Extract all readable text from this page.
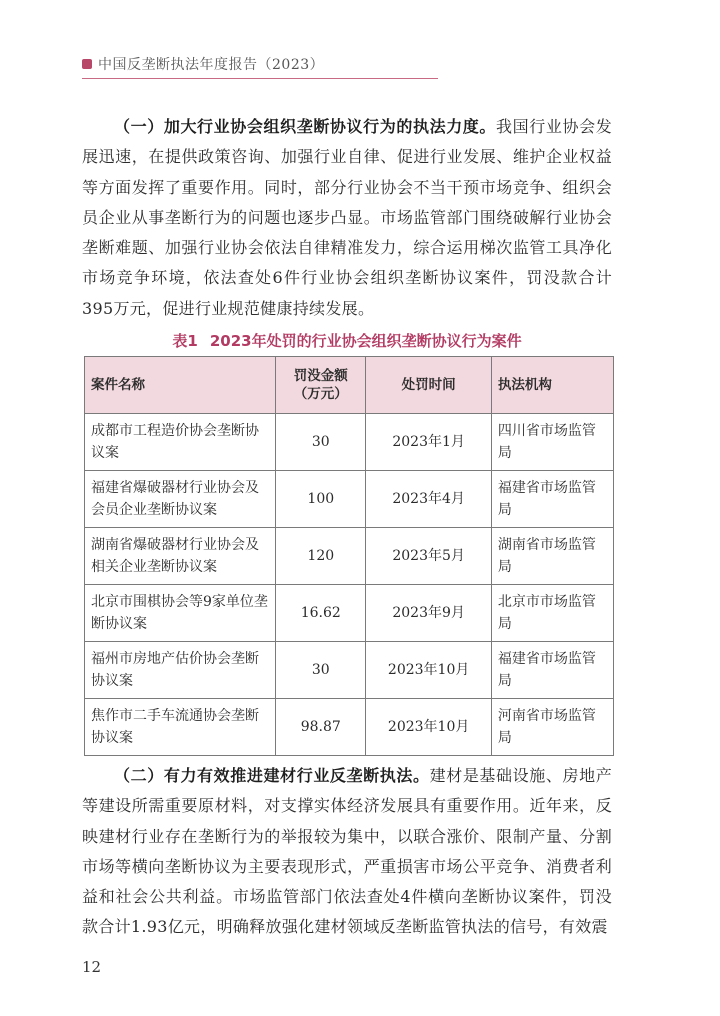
中国反垄断执法年度报告（2023）

（一）加大行业协会组织垄断协议行为的执法力度。我国行业协会发展迅速，在提供政策咨询、加强行业自律、促进行业发展、维护企业权益等方面发挥了重要作用。同时，部分行业协会不当干预市场竞争、组织会员企业从事垄断行为的问题也逐步凸显。市场监管部门围绕破解行业协会垄断难题、加强行业协会依法自律精准发力，综合运用梯次监管工具净化市场竞争环境，依法查处6件行业协会组织垄断协议案件，罚没款合计395万元，促进行业规范健康持续发展。

表1 2023年处罚的行业协会组织垄断协议行为案件
案件名称	罚没金额（万元）	处罚时间	执法机构
成都市工程造价协会垄断协议案	30	2023年1月	四川省市场监管局
福建省爆破器材行业协会及会员企业垄断协议案	100	2023年4月	福建省市场监管局
湖南省爆破器材行业协会及相关企业垄断协议案	120	2023年5月	湖南省市场监管局
北京市围棋协会等9家单位垄断协议案	16.62	2023年9月	北京市市场监管局
福州市房地产估价协会垄断协议案	30	2023年10月	福建省市场监管局
焦作市二手车流通协会垄断协议案	98.87	2023年10月	河南省市场监管局

（二）有力有效推进建材行业反垄断执法。建材是基础设施、房地产等建设所需重要原材料，对支撑实体经济发展具有重要作用。近年来，反映建材行业存在垄断行为的举报较为集中，以联合涨价、限制产量、分割市场等横向垄断协议为主要表现形式，严重损害市场公平竞争、消费者利益和社会公共利益。市场监管部门依法查处4件横向垄断协议案件，罚没款合计1.93亿元，明确释放强化建材领域反垄断监管执法的信号，有效震

12
